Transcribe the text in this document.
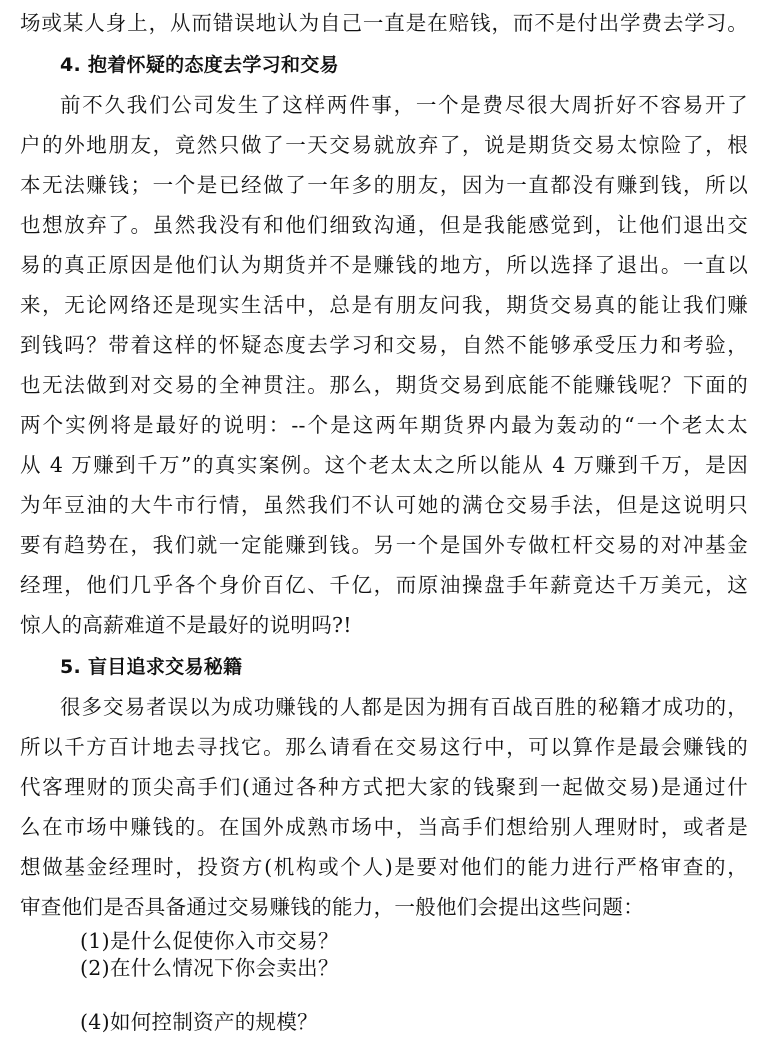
场或某人身上，从而错误地认为自己一直是在赔钱，而不是付出学费去学习。
4. 抱着怀疑的态度去学习和交易
前不久我们公司发生了这样两件事，一个是费尽很大周折好不容易开了
户的外地朋友，竟然只做了一天交易就放弃了，说是期货交易太惊险了，根
本无法赚钱；一个是已经做了一年多的朋友，因为一直都没有赚到钱，所以
也想放弃了。虽然我没有和他们细致沟通，但是我能感觉到，让他们退出交
易的真正原因是他们认为期货并不是赚钱的地方，所以选择了退出。一直以
来，无论网络还是现实生活中，总是有朋友问我，期货交易真的能让我们赚
到钱吗？带着这样的怀疑态度去学习和交易，自然不能够承受压力和考验，
也无法做到对交易的全神贯注。那么，期货交易到底能不能赚钱呢？下面的
两个实例将是最好的说明：--个是这两年期货界内最为轰动的“一个老太太
从 4 万赚到千万”的真实案例。这个老太太之所以能从 4 万赚到千万，是因
为年豆油的大牛市行情，虽然我们不认可她的满仓交易手法，但是这说明只
要有趋势在，我们就一定能赚到钱。另一个是国外专做杠杆交易的对冲基金
经理，他们几乎各个身价百亿、千亿，而原油操盘手年薪竟达千万美元，这
惊人的高薪难道不是最好的说明吗?!
5. 盲目追求交易秘籍
很多交易者误以为成功赚钱的人都是因为拥有百战百胜的秘籍才成功的，
所以千方百计地去寻找它。那么请看在交易这行中，可以算作是最会赚钱的
代客理财的顶尖高手们(通过各种方式把大家的钱聚到一起做交易)是通过什
么在市场中赚钱的。在国外成熟市场中，当高手们想给别人理财时，或者是
想做基金经理时，投资方(机构或个人)是要对他们的能力进行严格审查的，
审查他们是否具备通过交易赚钱的能力，一般他们会提出这些问题：
(1)是什么促使你入市交易？
(2)在什么情况下你会卖出？
(4)如何控制资产的规模？
